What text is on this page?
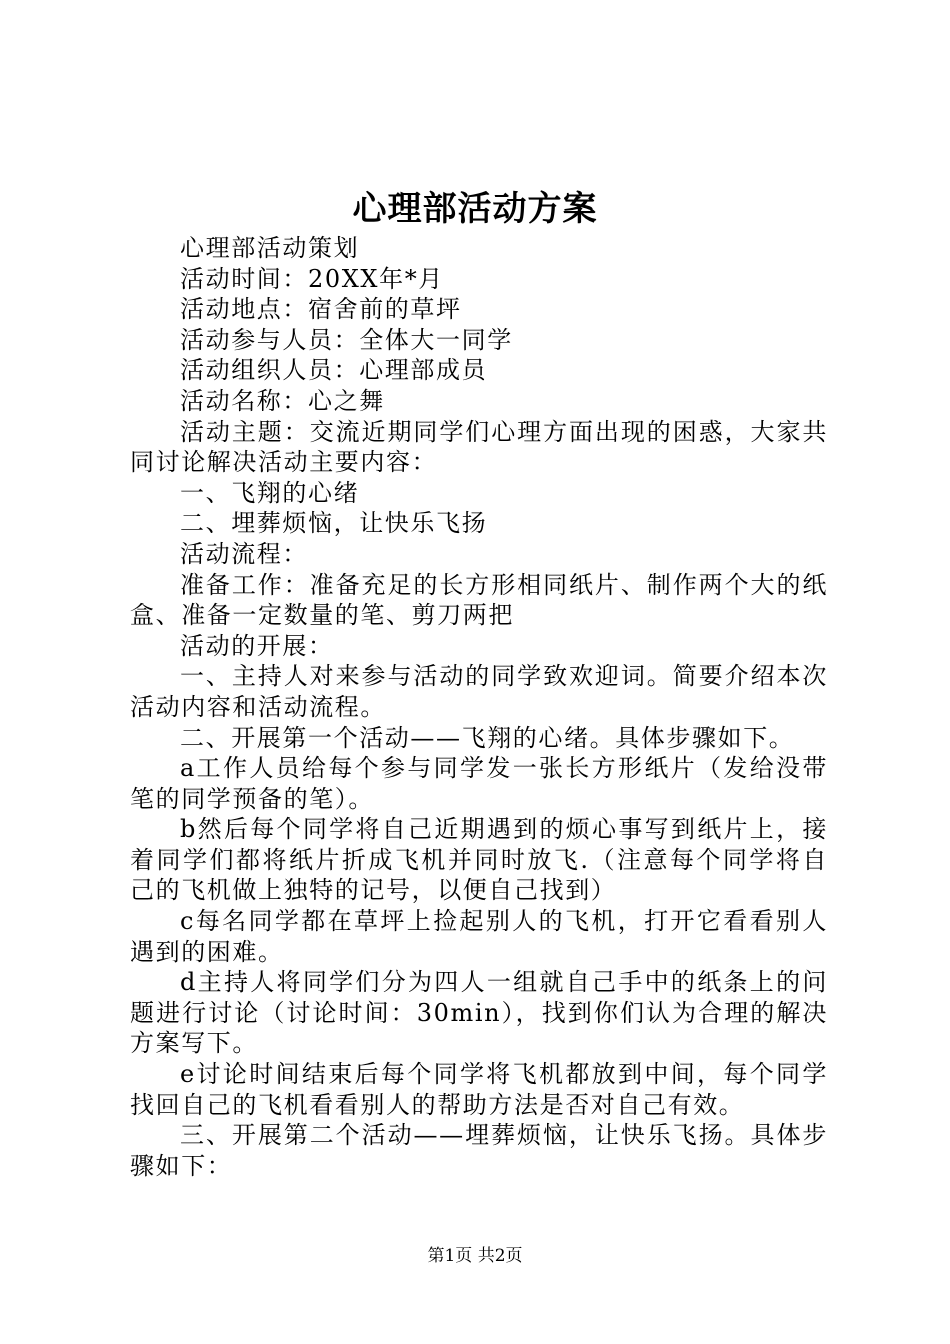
心理部活动方案

心理部活动策划

活动时间：20XX年*月

活动地点：宿舍前的草坪

活动参与人员：全体大一同学

活动组织人员：心理部成员

活动名称：心之舞

活动主题：交流近期同学们心理方面出现的困惑，大家共同讨论解决活动主要内容：

一、飞翔的心绪

二、埋葬烦恼，让快乐飞扬

活动流程：

准备工作：准备充足的长方形相同纸片、制作两个大的纸盒、准备一定数量的笔、剪刀两把

活动的开展：

一、主持人对来参与活动的同学致欢迎词。简要介绍本次活动内容和活动流程。

二、开展第一个活动——飞翔的心绪。具体步骤如下。

a工作人员给每个参与同学发一张长方形纸片（发给没带笔的同学预备的笔）。

b然后每个同学将自己近期遇到的烦心事写到纸片上，接着同学们都将纸片折成飞机并同时放飞.（注意每个同学将自己的飞机做上独特的记号，以便自己找到）

c每名同学都在草坪上捡起别人的飞机，打开它看看别人遇到的困难。

d主持人将同学们分为四人一组就自己手中的纸条上的问题进行讨论（讨论时间：30min），找到你们认为合理的解决方案写下。

e讨论时间结束后每个同学将飞机都放到中间，每个同学找回自己的飞机看看别人的帮助方法是否对自己有效。

三、开展第二个活动——埋葬烦恼，让快乐飞扬。具体步骤如下：

第1页 共2页
